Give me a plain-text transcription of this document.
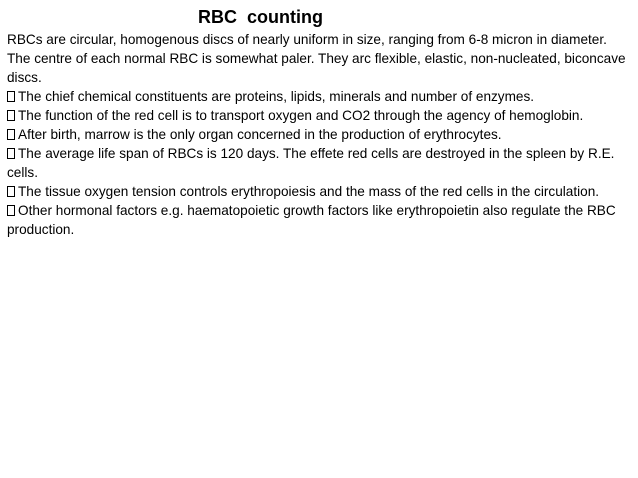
RBC  counting

RBCs are circular, homogenous discs of nearly uniform in size, ranging from 6-8 micron in diameter. The centre of each normal RBC is somewhat paler. They arc flexible, elastic, non-nucleated, biconcave discs.

The chief chemical constituents are proteins, lipids, minerals and number of enzymes.

The function of the red cell is to transport oxygen and CO2 through the agency of hemoglobin.

After birth, marrow is the only organ concerned in the production of erythrocytes.

The average life span of RBCs is 120 days. The effete red cells are destroyed in the spleen by R.E. cells.

The tissue oxygen tension controls erythropoiesis and the mass of the red cells in the circulation.

Other hormonal factors e.g. haematopoietic growth factors like erythropoietin also regulate the RBC production.
